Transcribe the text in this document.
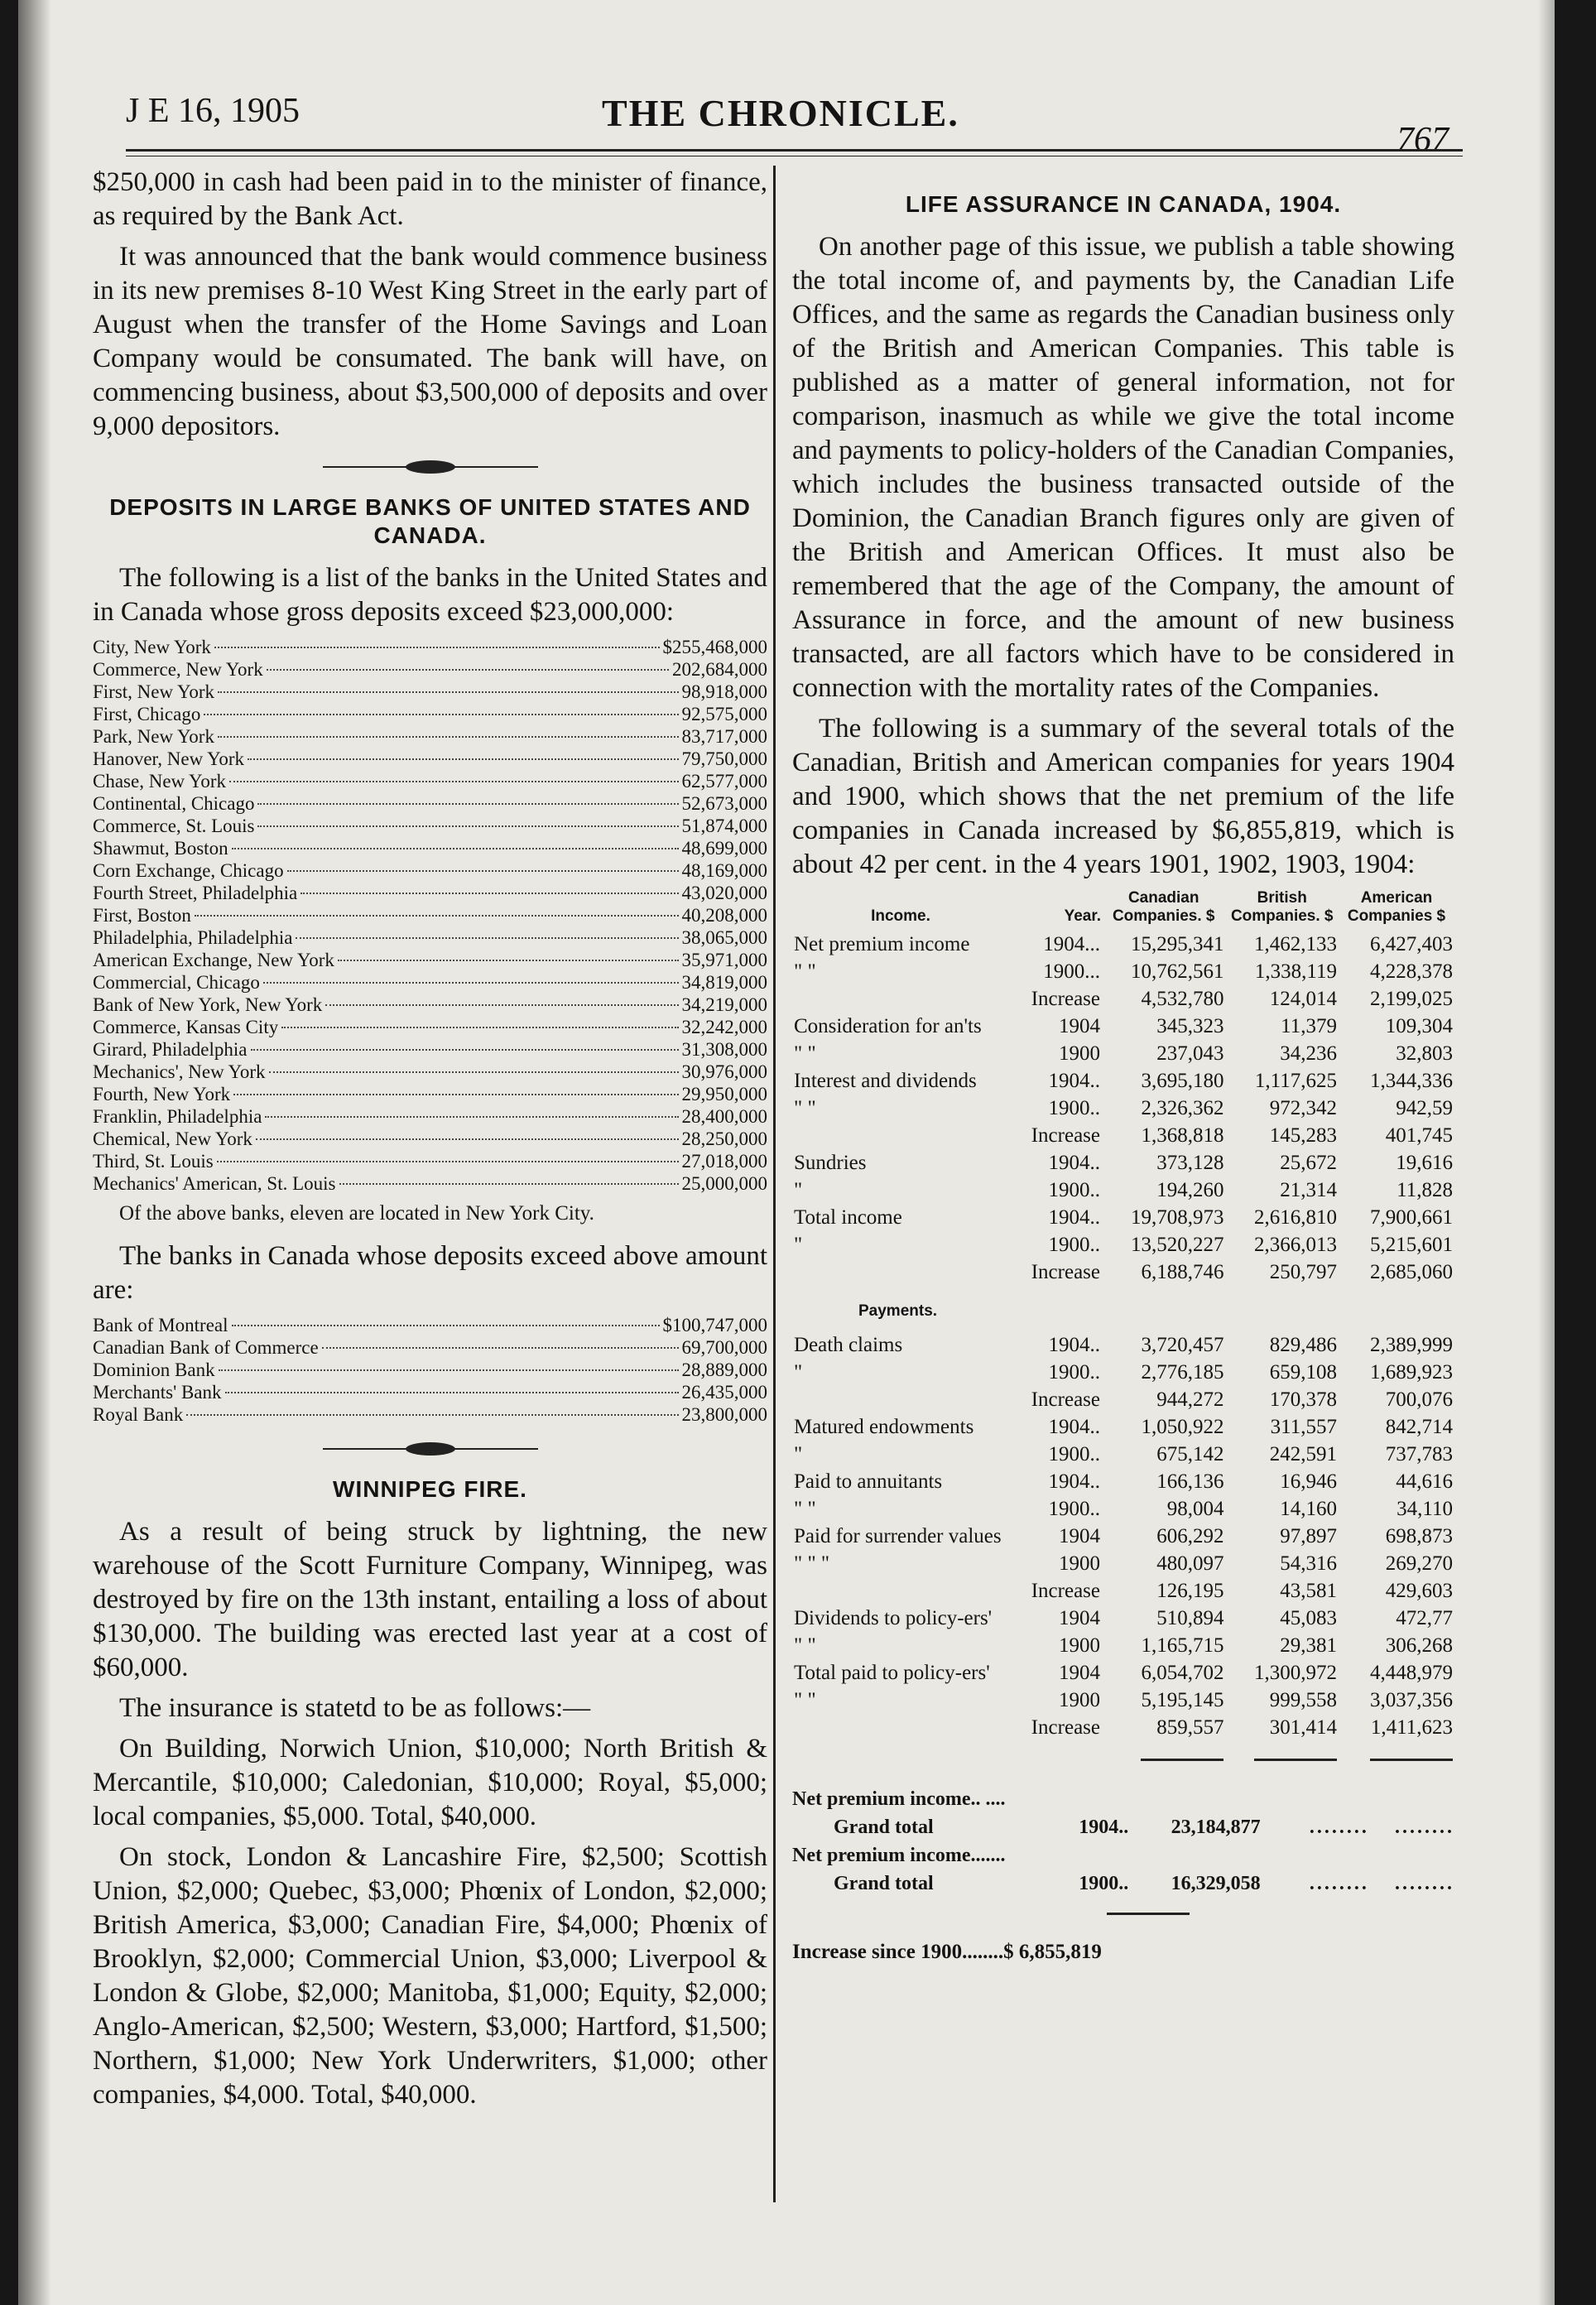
J E 16, 1905	THE CHRONICLE.
767

$250,000 in cash had been paid in to the minister of finance, as required by the Bank Act.

It was announced that the bank would commence business in its new premises 8-10 West King Street in the early part of August when the transfer of the Home Savings and Loan Company would be consumated. The bank will have, on commencing business, about $3,500,000 of deposits and over 9,000 depositors.

DEPOSITS IN LARGE BANKS OF UNITED STATES AND CANADA.

The following is a list of the banks in the United States and in Canada whose gross deposits exceed $23,000,000:

City, New York	$255,468,000
Commerce, New York	202,684,000
First, New York	98,918,000
First, Chicago	92,575,000
Park, New York	83,717,000
Hanover, New York	79,750,000
Chase, New York	62,577,000
Continental, Chicago	52,673,000
Commerce, St. Louis	51,874,000
Shawmut, Boston	48,699,000
Corn Exchange, Chicago	48,169,000
Fourth Street, Philadelphia	43,020,000
First, Boston	40,208,000
Philadelphia, Philadelphia	38,065,000
American Exchange, New York	35,971,000
Commercial, Chicago	34,819,000
Bank of New York, New York	34,219,000
Commerce, Kansas City	32,242,000
Girard, Philadelphia	31,308,000
Mechanics', New York	30,976,000
Fourth, New York	29,950,000
Franklin, Philadelphia	28,400,000
Chemical, New York	28,250,000
Third, St. Louis	27,018,000
Mechanics' American, St. Louis	25,000,000

Of the above banks, eleven are located in New York City.

The banks in Canada whose deposits exceed above amount are:

Bank of Montreal	$100,747,000
Canadian Bank of Commerce	69,700,000
Dominion Bank	28,889,000
Merchants' Bank	26,435,000
Royal Bank	23,800,000
WINNIPEG FIRE.

As a result of being struck by lightning, the new warehouse of the Scott Furniture Company, Winnipeg, was destroyed by fire on the 13th instant, entailing a loss of about $130,000. The building was erected last year at a cost of $60,000.

The insurance is statetd to be as follows:—

On Building, Norwich Union, $10,000; North British & Mercantile, $10,000; Caledonian, $10,000; Royal, $5,000; local companies, $5,000. Total, $40,000.

On stock, London & Lancashire Fire, $2,500; Scottish Union, $2,000; Quebec, $3,000; Phœnix of London, $2,000; British America, $3,000; Canadian Fire, $4,000; Phœnix of Brooklyn, $2,000; Commercial Union, $3,000; Liverpool & London & Globe, $2,000; Manitoba, $1,000; Equity, $2,000; Anglo-American, $2,500; Western, $3,000; Hartford, $1,500; Northern, $1,000; New York Underwriters, $1,000; other companies, $4,000. Total, $40,000.

LIFE ASSURANCE IN CANADA, 1904.

On another page of this issue, we publish a table showing the total income of, and payments by, the Canadian Life Offices, and the same as regards the Canadian business only of the British and American Companies. This table is published as a matter of general information, not for comparison, inasmuch as while we give the total income and payments to policy-holders of the Canadian Companies, which includes the business transacted outside of the Dominion, the Canadian Branch figures only are given of the British and American Offices. It must also be remembered that the age of the Company, the amount of Assurance in force, and the amount of new business transacted, are all factors which have to be considered in connection with the mortality rates of the Companies.

The following is a summary of the several totals of the Canadian, British and American companies for years 1904 and 1900, which shows that the net premium of the life companies in Canada increased by $6,855,819, which is about 42 per cent. in the 4 years 1901, 1902, 1903, 1904:

Income.	Year.	Canadian Companies. $	British Companies. $	American Companies $
Net premium income	1904...	15,295,341	1,462,133	6,427,403
" "	1900...	10,762,561	1,338,119	4,228,378
	Increase	4,532,780	124,014	2,199,025
Consideration for an'ts	1904	345,323	11,379	109,304
" "	1900	237,043	34,236	32,803
Interest and dividends	1904..	3,695,180	1,117,625	1,344,336
" "	1900..	2,326,362	972,342	942,59
	Increase	1,368,818	145,283	401,745
Sundries	1904..	373,128	25,672	19,616
"	1900..	194,260	21,314	11,828
Total income	1904..	19,708,973	2,616,810	7,900,661
"	1900..	13,520,227	2,366,013	5,215,601
	Increase	6,188,746	250,797	2,685,060
Payments.				
Death claims	1904..	3,720,457	829,486	2,389,999
"	1900..	2,776,185	659,108	1,689,923
	Increase	944,272	170,378	700,076
Matured endowments	1904..	1,050,922	311,557	842,714
"	1900..	675,142	242,591	737,783
Paid to annuitants	1904..	166,136	16,946	44,616
" "	1900..	98,004	14,160	34,110
Paid for surrender values	1904	606,292	97,897	698,873
" " "	1900	480,097	54,316	269,270
	Increase	126,195	43,581	429,603
Dividends to policy-ers'	1904	510,894	45,083	472,77
" "	1900	1,165,715	29,381	306,268
Total paid to policy-ers'	1904	6,054,702	1,300,972	4,448,979
" "	1900	5,195,145	999,558	3,037,356
	Increase	859,557	301,414	1,411,623

Net premium income.. ....
Grand total	1904..	23,184,877	........	........
Net premium income.......
Grand total	1900..	16,329,058	........	........
Increase since 1900........$ 6,855,819
